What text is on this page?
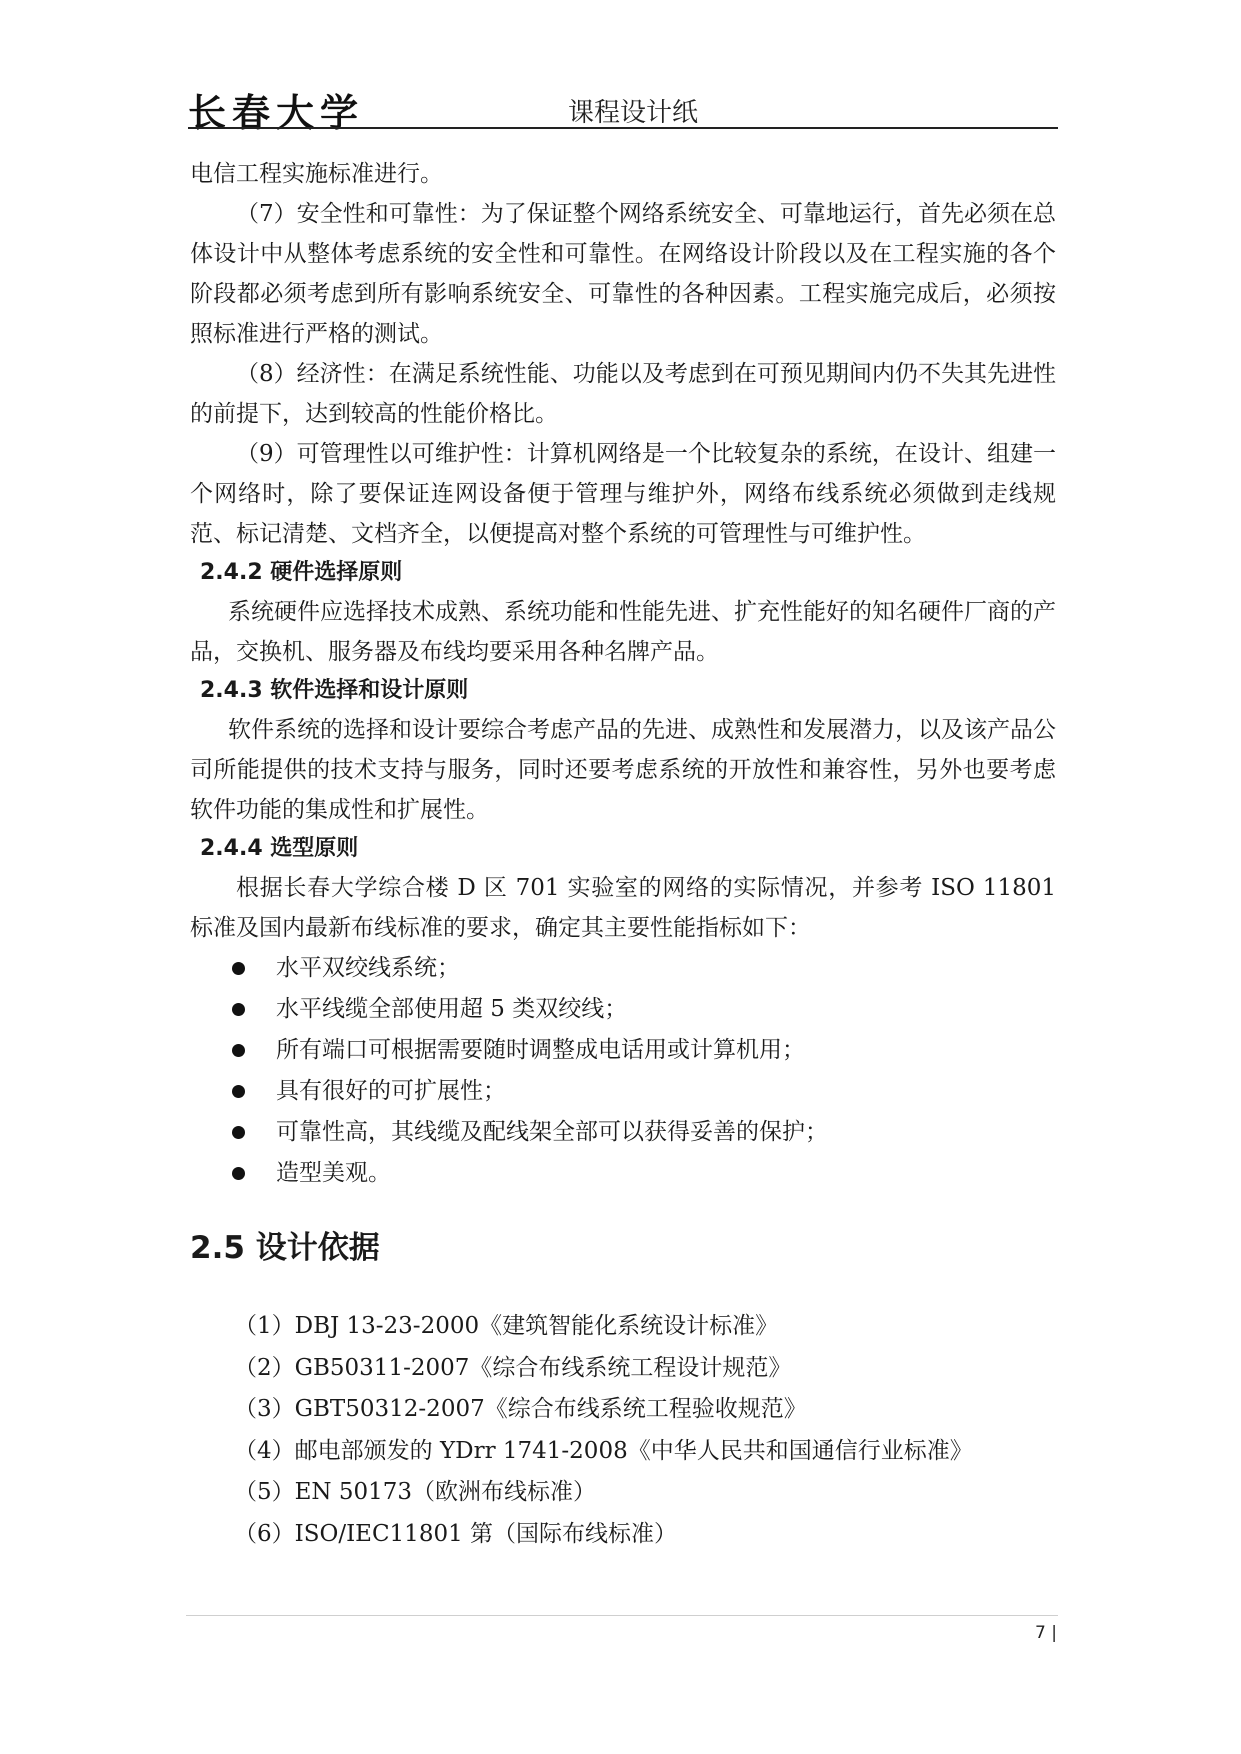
长春大学	课程设计纸

电信工程实施标准进行。

（7）安全性和可靠性：为了保证整个网络系统安全、可靠地运行，首先必须在总体设计中从整体考虑系统的安全性和可靠性。在网络设计阶段以及在工程实施的各个阶段都必须考虑到所有影响系统安全、可靠性的各种因素。工程实施完成后，必须按照标准进行严格的测试。

（8）经济性：在满足系统性能、功能以及考虑到在可预见期间内仍不失其先进性的前提下，达到较高的性能价格比。

（9）可管理性以可维护性：计算机网络是一个比较复杂的系统，在设计、组建一个网络时，除了要保证连网设备便于管理与维护外，网络布线系统必须做到走线规范、标记清楚、文档齐全，以便提高对整个系统的可管理性与可维护性。

2.4.2 硬件选择原则

系统硬件应选择技术成熟、系统功能和性能先进、扩充性能好的知名硬件厂商的产品，交换机、服务器及布线均要采用各种名牌产品。

2.4.3 软件选择和设计原则

软件系统的选择和设计要综合考虑产品的先进、成熟性和发展潜力，以及该产品公司所能提供的技术支持与服务，同时还要考虑系统的开放性和兼容性，另外也要考虑软件功能的集成性和扩展性。

2.4.4 选型原则

根据长春大学综合楼 D 区 701 实验室的网络的实际情况，并参考 ISO 11801 标准及国内最新布线标准的要求，确定其主要性能指标如下：

水平双绞线系统；
水平线缆全部使用超 5 类双绞线；
所有端口可根据需要随时调整成电话用或计算机用；
具有很好的可扩展性；
可靠性高，其线缆及配线架全部可以获得妥善的保护；
造型美观。
2.5 设计依据
（1）DBJ 13-23-2000《建筑智能化系统设计标准》
（2）GB50311-2007《综合布线系统工程设计规范》
（3）GBT50312-2007《综合布线系统工程验收规范》
（4）邮电部颁发的 YDrr 1741-2008《中华人民共和国通信行业标准》
（5）EN 50173（欧洲布线标准）
（6）ISO/IEC11801 第（国际布线标准）
7 |
